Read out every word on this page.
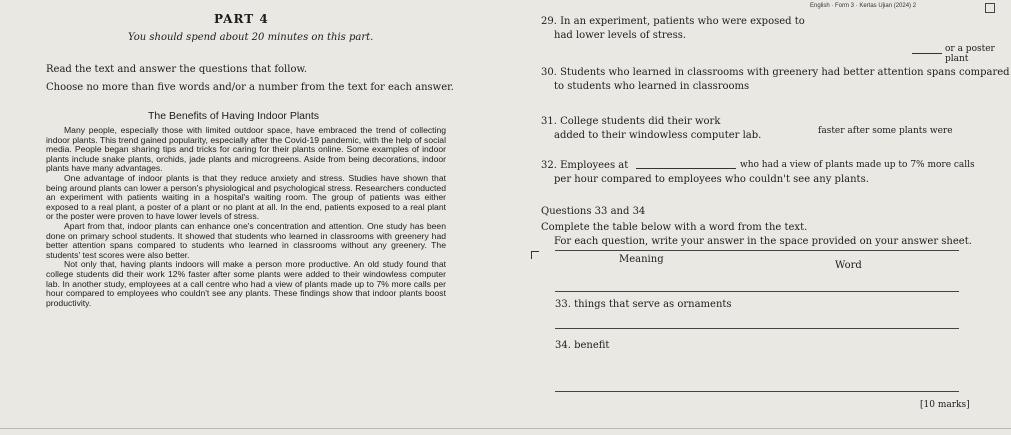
PART 4
You should spend about 20 minutes on this part.
Read the text and answer the questions that follow.
Choose no more than five words and/or a number from the text for each answer.
The Benefits of Having Indoor Plants

Many people, especially those with limited outdoor space, have embraced the trend of collecting indoor plants. This trend gained popularity, especially after the Covid-19 pandemic, with the help of social media. People began sharing tips and tricks for caring for their plants online. Some examples of indoor plants include snake plants, orchids, jade plants and microgreens. Aside from being decorations, indoor plants have many advantages.

One advantage of indoor plants is that they reduce anxiety and stress. Studies have shown that being around plants can lower a person's physiological and psychological stress. Researchers conducted an experiment with patients waiting in a hospital's waiting room. The group of patients was either exposed to a real plant, a poster of a plant or no plant at all. In the end, patients exposed to a real plant or the poster were proven to have lower levels of stress.

Apart from that, indoor plants can enhance one's concentration and attention. One study has been done on primary school students. It showed that students who learned in classrooms with greenery had better attention spans compared to students who learned in classrooms without any greenery. The students' test scores were also better.

Not only that, having plants indoors will make a person more productive. An old study found that college students did their work 12% faster after some plants were added to their windowless computer lab. In another study, employees at a call centre who had a view of plants made up to 7% more calls per hour compared to employees who couldn't see any plants. These findings show that indoor plants boost productivity.

English · Form 3 · Kertas Ujian (2024) 2
29. In an experiment, patients who were exposed to
had lower levels of stress.
or a poster plant
30. Students who learned in classrooms with greenery had better attention spans compared
to students who learned in classrooms
31. College students did their work
added to their windowless computer lab.	faster after some plants were
32. Employees at	who had a view of plants made up to 7% more calls
per hour compared to employees who couldn't see any plants.
Questions 33 and 34
Complete the table below with a word from the text.
For each question, write your answer in the space provided on your answer sheet.
Meaning
Word
33. things that serve as ornaments
34. benefit
[10 marks]
